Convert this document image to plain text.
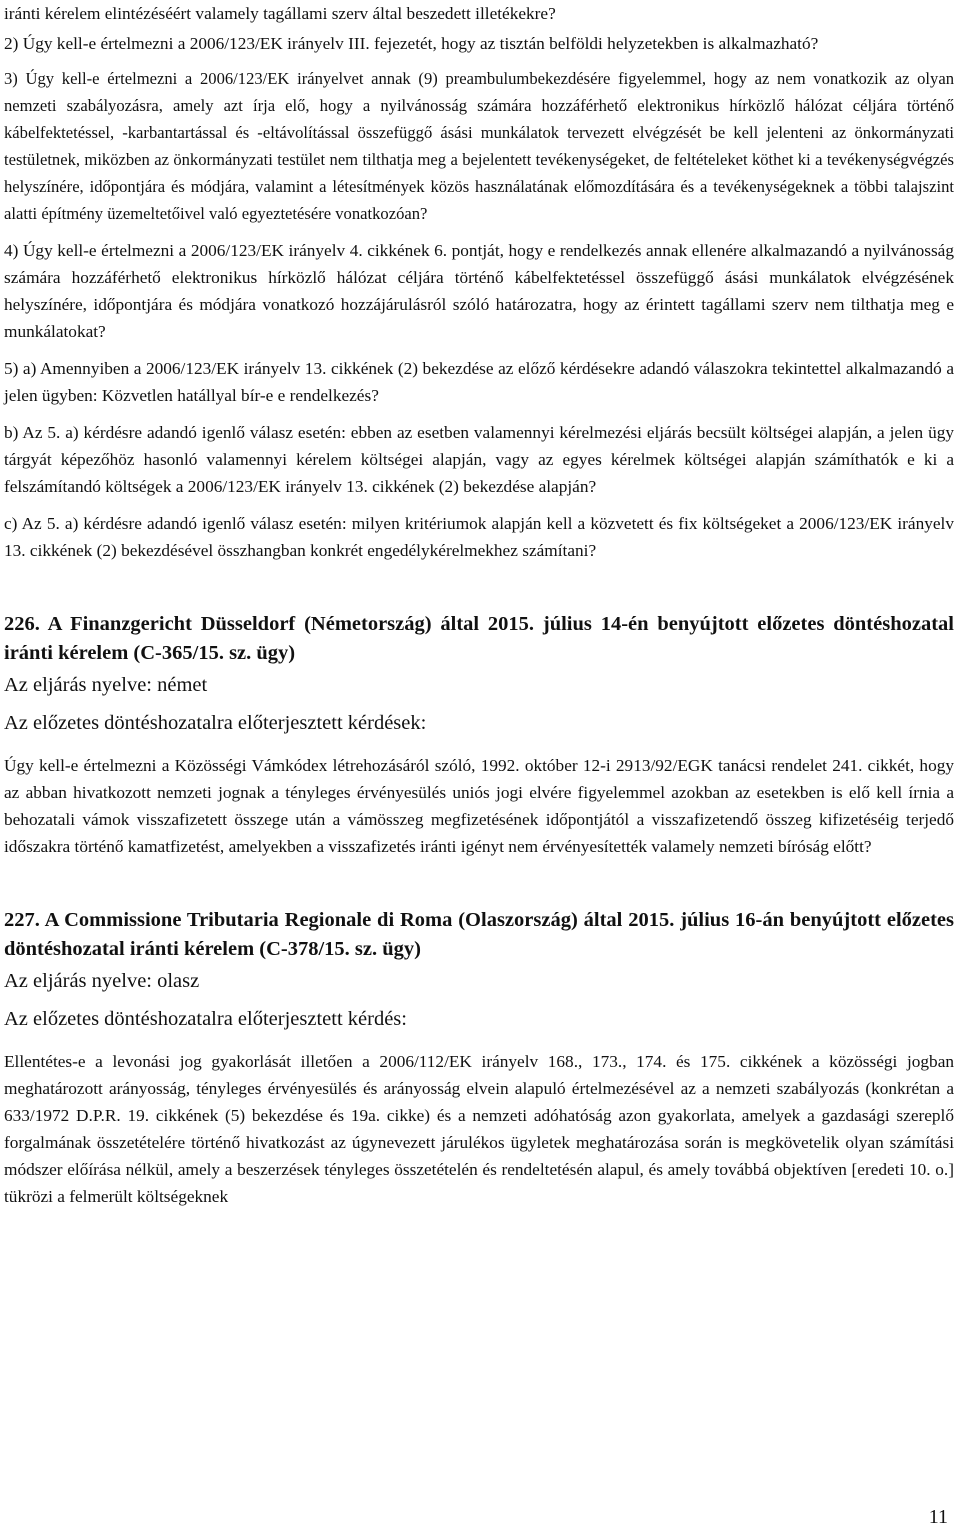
iránti kérelem elintézéséért valamely tagállami szerv által beszedett illetékekre?

2) Úgy kell-e értelmezni a 2006/123/EK irányelv III. fejezetét, hogy az tisztán belföldi helyzetekben is alkalmazható?

3) Úgy kell-e értelmezni a 2006/123/EK irányelvet annak (9) preambulumbekezdésére figyelemmel, hogy az nem vonatkozik az olyan nemzeti szabályozásra, amely azt írja elő, hogy a nyilvánosság számára hozzáférhető elektronikus hírközlő hálózat céljára történő kábelfektetéssel, -karbantartással és -eltávolítással összefüggő ásási munkálatok tervezett elvégzését be kell jelenteni az önkormányzati testületnek, miközben az önkormányzati testület nem tilthatja meg a bejelentett tevékenységeket, de feltételeket köthet ki a tevékenységvégzés helyszínére, időpontjára és módjára, valamint a létesítmények közös használatának előmozdítására és a tevékenységeknek a többi talajszint alatti építmény üzemeltetőivel való egyeztetésére vonatkozóan?

4) Úgy kell-e értelmezni a 2006/123/EK irányelv 4. cikkének 6. pontját, hogy e rendelkezés annak ellenére alkalmazandó a nyilvánosság számára hozzáférhető elektronikus hírközlő hálózat céljára történő kábelfektetéssel összefüggő ásási munkálatok elvégzésének helyszínére, időpontjára és módjára vonatkozó hozzájárulásról szóló határozatra, hogy az érintett tagállami szerv nem tilthatja meg e munkálatokat?

5) a) Amennyiben a 2006/123/EK irányelv 13. cikkének (2) bekezdése az előző kérdésekre adandó válaszokra tekintettel alkalmazandó a jelen ügyben: Közvetlen hatállyal bír-e e rendelkezés?

b) Az 5. a) kérdésre adandó igenlő válasz esetén: ebben az esetben valamennyi kérelmezési eljárás becsült költségei alapján, a jelen ügy tárgyát képezőhöz hasonló valamennyi kérelem költségei alapján, vagy az egyes kérelmek költségei alapján számíthatók e ki a felszámítandó költségek a 2006/123/EK irányelv 13. cikkének (2) bekezdése alapján?

c) Az 5. a) kérdésre adandó igenlő válasz esetén: milyen kritériumok alapján kell a közvetett és fix költségeket a 2006/123/EK irányelv 13. cikkének (2) bekezdésével összhangban konkrét engedélykérelmekhez számítani?

226. A Finanzgericht Düsseldorf (Németország) által 2015. július 14-én benyújtott előzetes döntéshozatal iránti kérelem (C-365/15. sz. ügy)

Az eljárás nyelve: német

Az előzetes döntéshozatalra előterjesztett kérdések:

Úgy kell-e értelmezni a Közösségi Vámkódex létrehozásáról szóló, 1992. október 12-i 2913/92/EGK tanácsi rendelet 241. cikkét, hogy az abban hivatkozott nemzeti jognak a tényleges érvényesülés uniós jogi elvére figyelemmel azokban az esetekben is elő kell írnia a behozatali vámok visszafizetett összege után a vámösszeg megfizetésének időpontjától a visszafizetendő összeg kifizetéséig terjedő időszakra történő kamatfizetést, amelyekben a visszafizetés iránti igényt nem érvényesítették valamely nemzeti bíróság előtt?

227. A Commissione Tributaria Regionale di Roma (Olaszország) által 2015. július 16-án benyújtott előzetes döntéshozatal iránti kérelem (C-378/15. sz. ügy)

Az eljárás nyelve: olasz

Az előzetes döntéshozatalra előterjesztett kérdés:

Ellentétes-e a levonási jog gyakorlását illetően a 2006/112/EK irányelv 168., 173., 174. és 175. cikkének a közösségi jogban meghatározott arányosság, tényleges érvényesülés és arányosság elvein alapuló értelmezésével az a nemzeti szabályozás (konkrétan a 633/1972 D.P.R. 19. cikkének (5) bekezdése és 19a. cikke) és a nemzeti adóhatóság azon gyakorlata, amelyek a gazdasági szereplő forgalmának összetételére történő hivatkozást az úgynevezett járulékos ügyletek meghatározása során is megkövetelik olyan számítási módszer előírása nélkül, amely a beszerzések tényleges összetételén és rendeltetésén alapul, és amely továbbá objektíven [eredeti 10. o.] tükrözi a felmerült költségeknek

11
